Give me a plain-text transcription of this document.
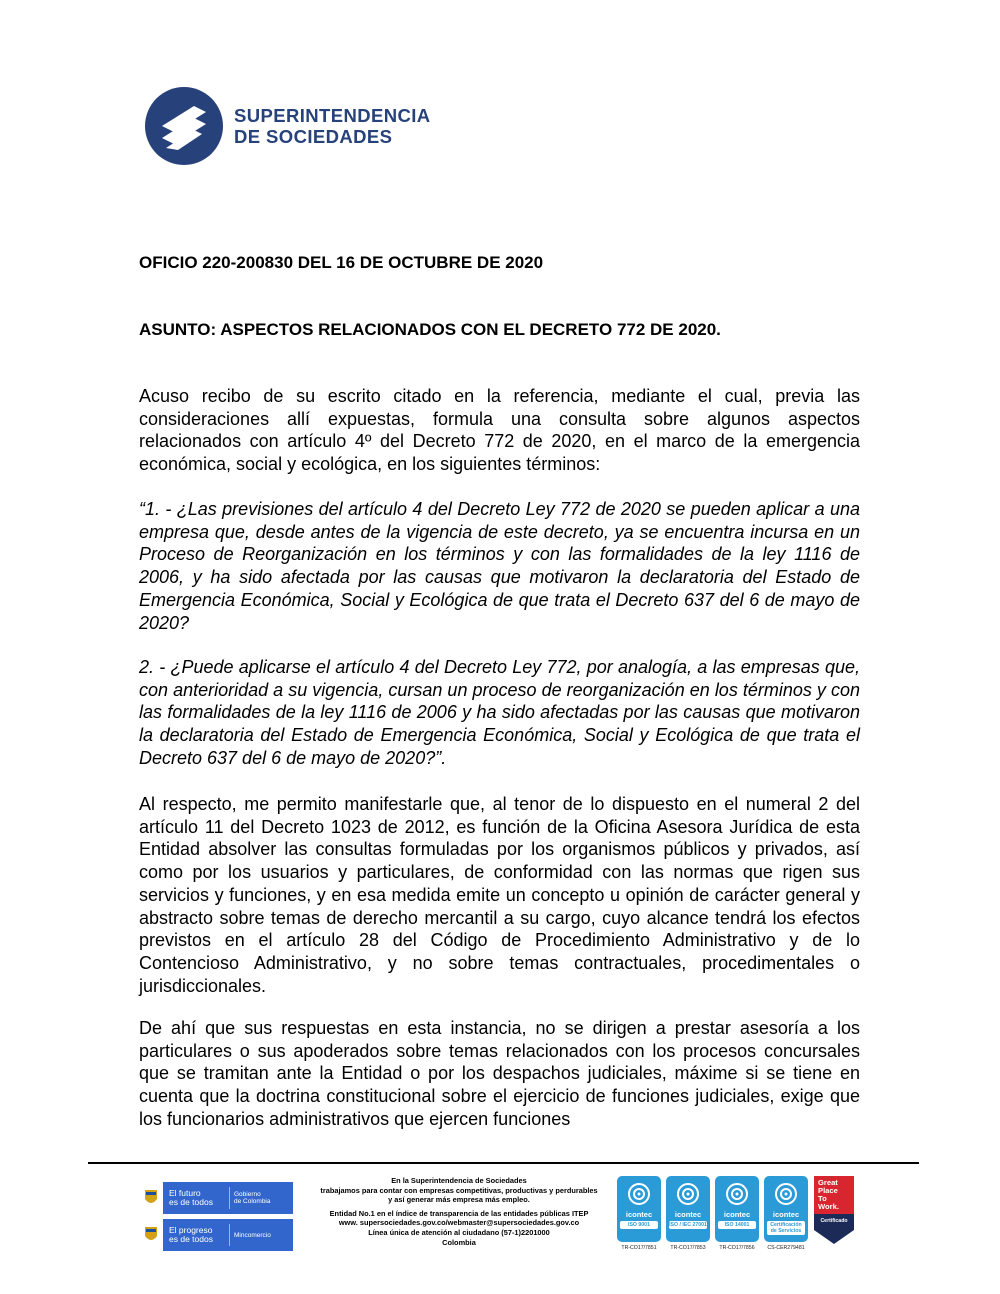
SUPERINTENDENCIA
DE SOCIEDADES
OFICIO 220-200830 DEL 16 DE OCTUBRE DE 2020
ASUNTO: ASPECTOS RELACIONADOS CON EL DECRETO 772 DE 2020.

Acuso recibo de su escrito citado en la referencia, mediante el cual, previa las consideraciones allí expuestas, formula una consulta sobre algunos aspectos relacionados con artículo 4º del Decreto 772 de 2020, en el marco de la emergencia económica, social y ecológica, en los siguientes términos:

“1. - ¿Las previsiones del artículo 4 del Decreto Ley 772 de 2020 se pueden aplicar a una empresa que, desde antes de la vigencia de este decreto, ya se encuentra incursa en un Proceso de Reorganización en los términos y con las formalidades de la ley 1116 de 2006, y ha sido afectada por las causas que motivaron la declaratoria del Estado de Emergencia Económica, Social y Ecológica de que trata el Decreto 637 del 6 de mayo de 2020?

2. - ¿Puede aplicarse el artículo 4 del Decreto Ley 772, por analogía, a las empresas que, con anterioridad a su vigencia, cursan un proceso de reorganización en los términos y con las formalidades de la ley 1116 de 2006 y ha sido afectadas por las causas que motivaron la declaratoria del Estado de Emergencia Económica, Social y Ecológica de que trata el Decreto 637 del 6 de mayo de 2020?”.

Al respecto, me permito manifestarle que, al tenor de lo dispuesto en el numeral 2 del artículo 11 del Decreto 1023 de 2012, es función de la Oficina Asesora Jurídica de esta Entidad absolver las consultas formuladas por los organismos públicos y privados, así como por los usuarios y particulares, de conformidad con las normas que rigen sus servicios y funciones, y en esa medida emite un concepto u opinión de carácter general y abstracto sobre temas de derecho mercantil a su cargo, cuyo alcance tendrá los efectos previstos en el artículo 28 del Código de Procedimiento Administrativo y de lo Contencioso Administrativo, y no sobre temas contractuales, procedimentales o jurisdiccionales.

De ahí que sus respuestas en esta instancia, no se dirigen a prestar asesoría a los particulares o sus apoderados sobre temas relacionados con los procesos concursales que se tramitan ante la Entidad o por los despachos judiciales, máxime si se tiene en cuenta que la doctrina constitucional sobre el ejercicio de funciones judiciales, exige que los funcionarios administrativos que ejercen funciones

El futuro
es de todos
Gobierno
de Colombia
El progreso
es de todos	Mincomercio
En la Superintendencia de Sociedades
trabajamos para contar con empresas competitivas, productivas y perdurables
y así generar más empresa más empleo.
Entidad No.1 en el índice de transparencia de las entidades públicas ITEP
www. supersociedades.gov.co/webmaster@supersociedades.gov.co
Línea única de atención al ciudadano (57-1)2201000
Colombia
icontec
ISO 9001
TR-CO17/7851
icontec
ISO / IEC 27001
TR-CO17/7853
icontec
ISO 14001
TR-CO17/7856
icontec
Certificación de Servicios
CS-CER279481
Great
Place
To
Work.
Certificado
